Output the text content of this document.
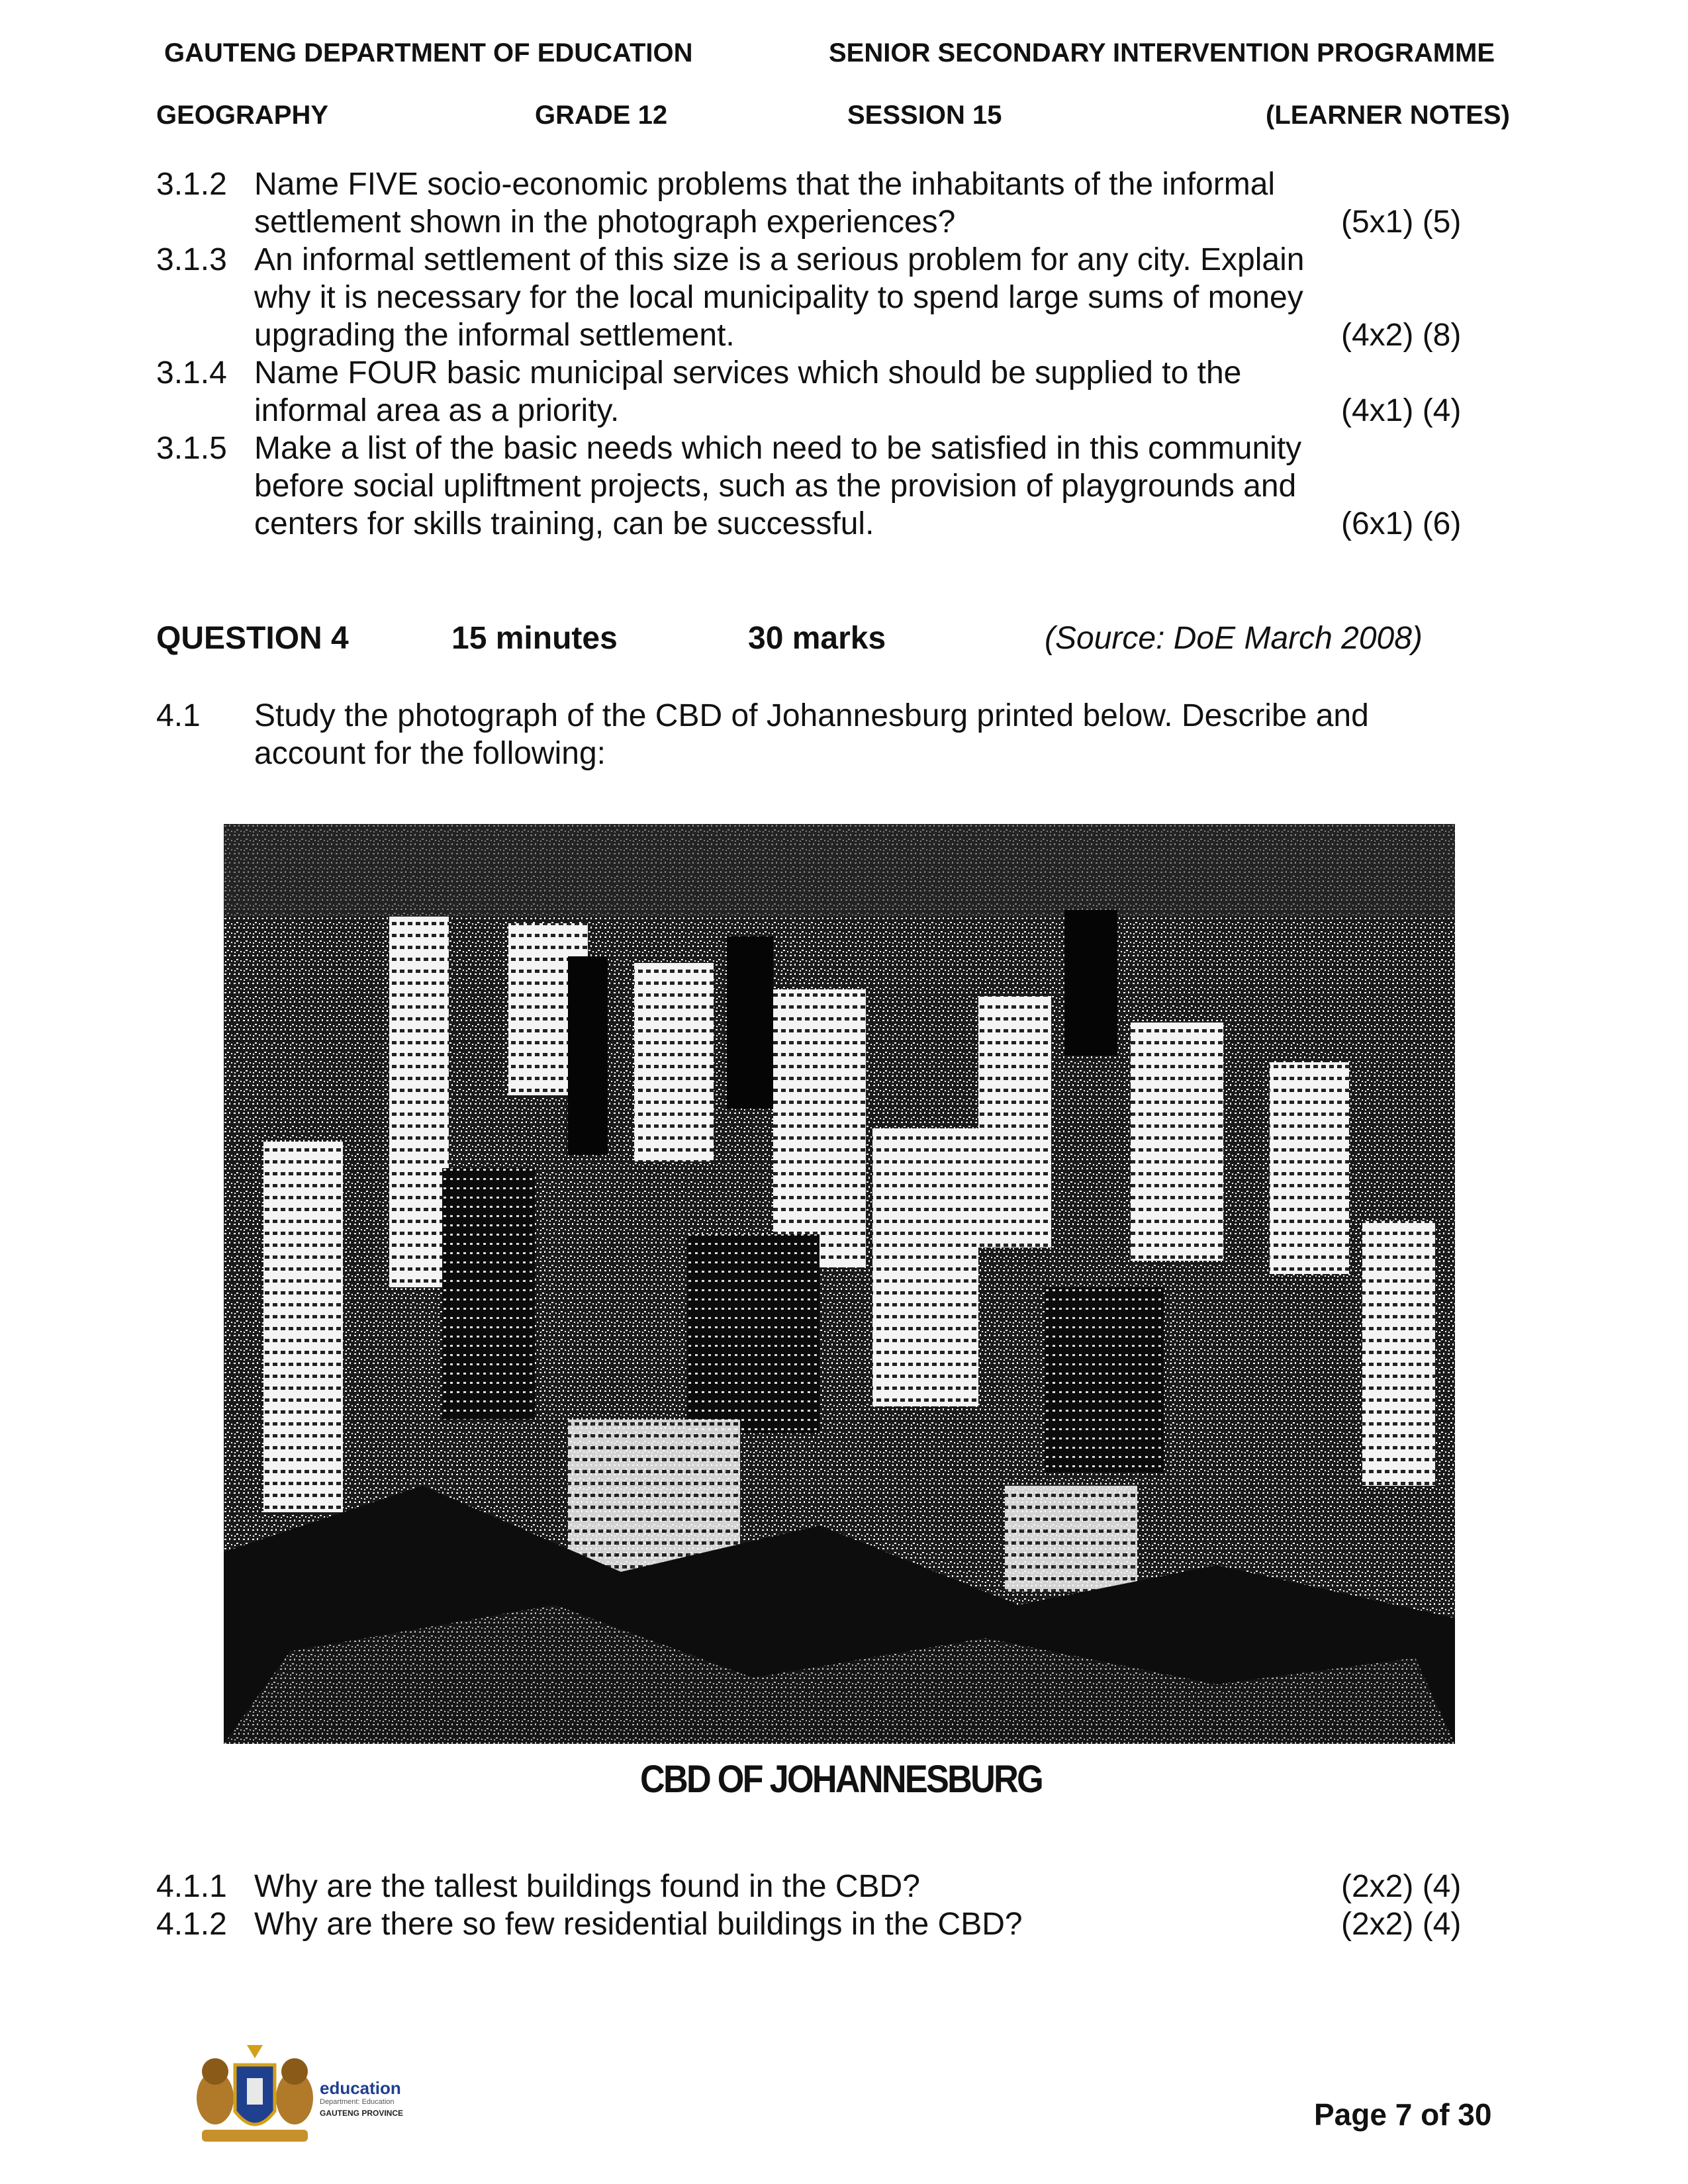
GAUTENG DEPARTMENT OF EDUCATION	SENIOR SECONDARY INTERVENTION PROGRAMME
GEOGRAPHY	GRADE 12	SESSION 15	(LEARNER NOTES)
3.1.2 Name FIVE socio-economic problems that the inhabitants of the informal
settlement shown in the photograph experiences?	(5x1) (5)
3.1.3 An informal settlement of this size is a serious problem for any city. Explain
why it is necessary for the local municipality to spend large sums of money
upgrading the informal settlement.	(4x2) (8)
3.1.4 Name FOUR basic municipal services which should be supplied to the
informal area as a priority.	(4x1) (4)
3.1.5 Make a list of the basic needs which need to be satisfied in this community
before social upliftment projects, such as the provision of playgrounds and
centers for skills training, can be successful.	(6x1) (6)
QUESTION 4	15 minutes	30 marks	(Source: DoE March 2008)
4.1 Study the photograph of the CBD of Johannesburg printed below. Describe and
account for the following:
CBD OF JOHANNESBURG
4.1.1 Why are the tallest buildings found in the CBD?	(2x2) (4)
4.1.2 Why are there so few residential buildings in the CBD?	(2x2) (4)
education
Department: Education
GAUTENG PROVINCE	Page 7 of 30
